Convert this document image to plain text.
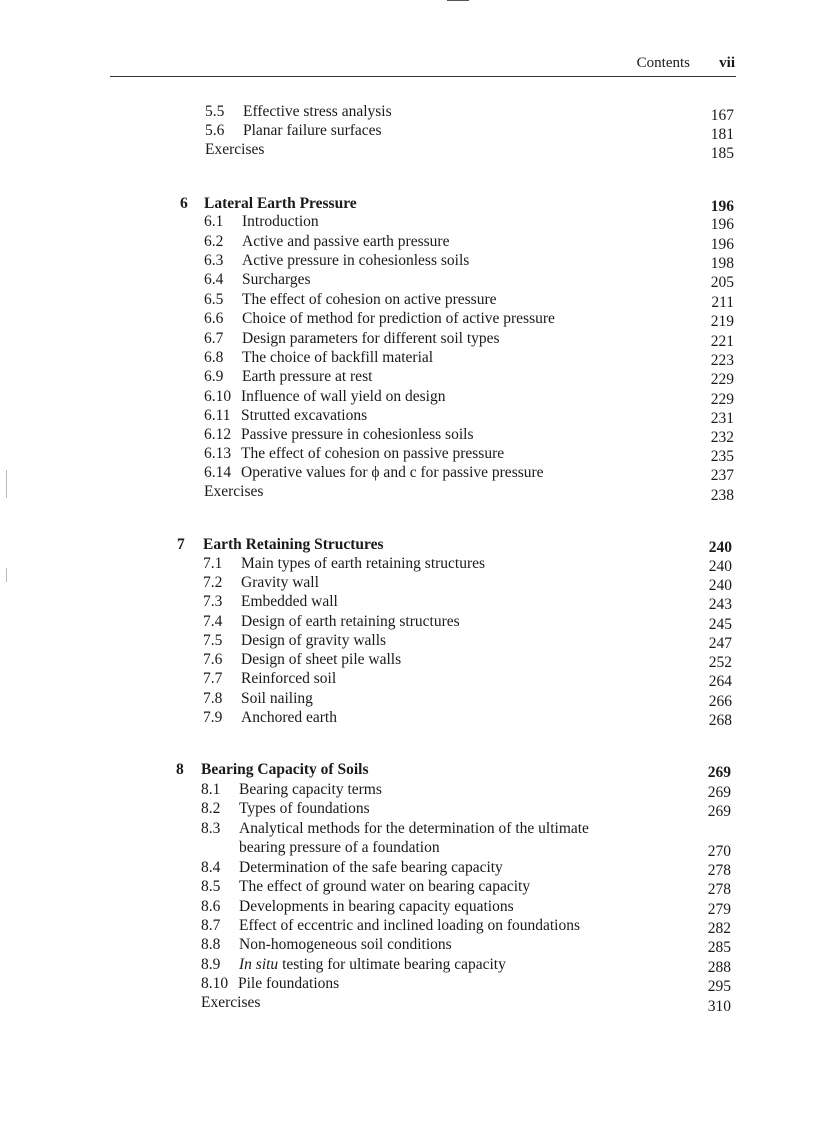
Contents vii
5.5 Effective stress analysis	167
5.6 Planar failure surfaces	181
Exercises	185
6 Lateral Earth Pressure	196
6.1 Introduction	196
6.2 Active and passive earth pressure	196
6.3 Active pressure in cohesionless soils	198
6.4 Surcharges	205
6.5 The effect of cohesion on active pressure	211
6.6 Choice of method for prediction of active pressure	219
6.7 Design parameters for different soil types	221
6.8 The choice of backfill material	223
6.9 Earth pressure at rest	229
6.10 Influence of wall yield on design	229
6.11 Strutted excavations	231
6.12 Passive pressure in cohesionless soils	232
6.13 The effect of cohesion on passive pressure	235
6.14 Operative values for ϕ and c for passive pressure	237
Exercises	238
7 Earth Retaining Structures	240
7.1 Main types of earth retaining structures	240
7.2 Gravity wall	240
7.3 Embedded wall	243
7.4 Design of earth retaining structures	245
7.5 Design of gravity walls	247
7.6 Design of sheet pile walls	252
7.7 Reinforced soil	264
7.8 Soil nailing	266
7.9 Anchored earth	268
8 Bearing Capacity of Soils	269
8.1 Bearing capacity terms	269
8.2 Types of foundations	269
8.3 Analytical methods for the determination of the ultimate
bearing pressure of a foundation	270
8.4 Determination of the safe bearing capacity	278
8.5 The effect of ground water on bearing capacity	278
8.6 Developments in bearing capacity equations	279
8.7 Effect of eccentric and inclined loading on foundations	282
8.8 Non-homogeneous soil conditions	285
8.9 In situ testing for ultimate bearing capacity	288
8.10 Pile foundations	295
Exercises	310
